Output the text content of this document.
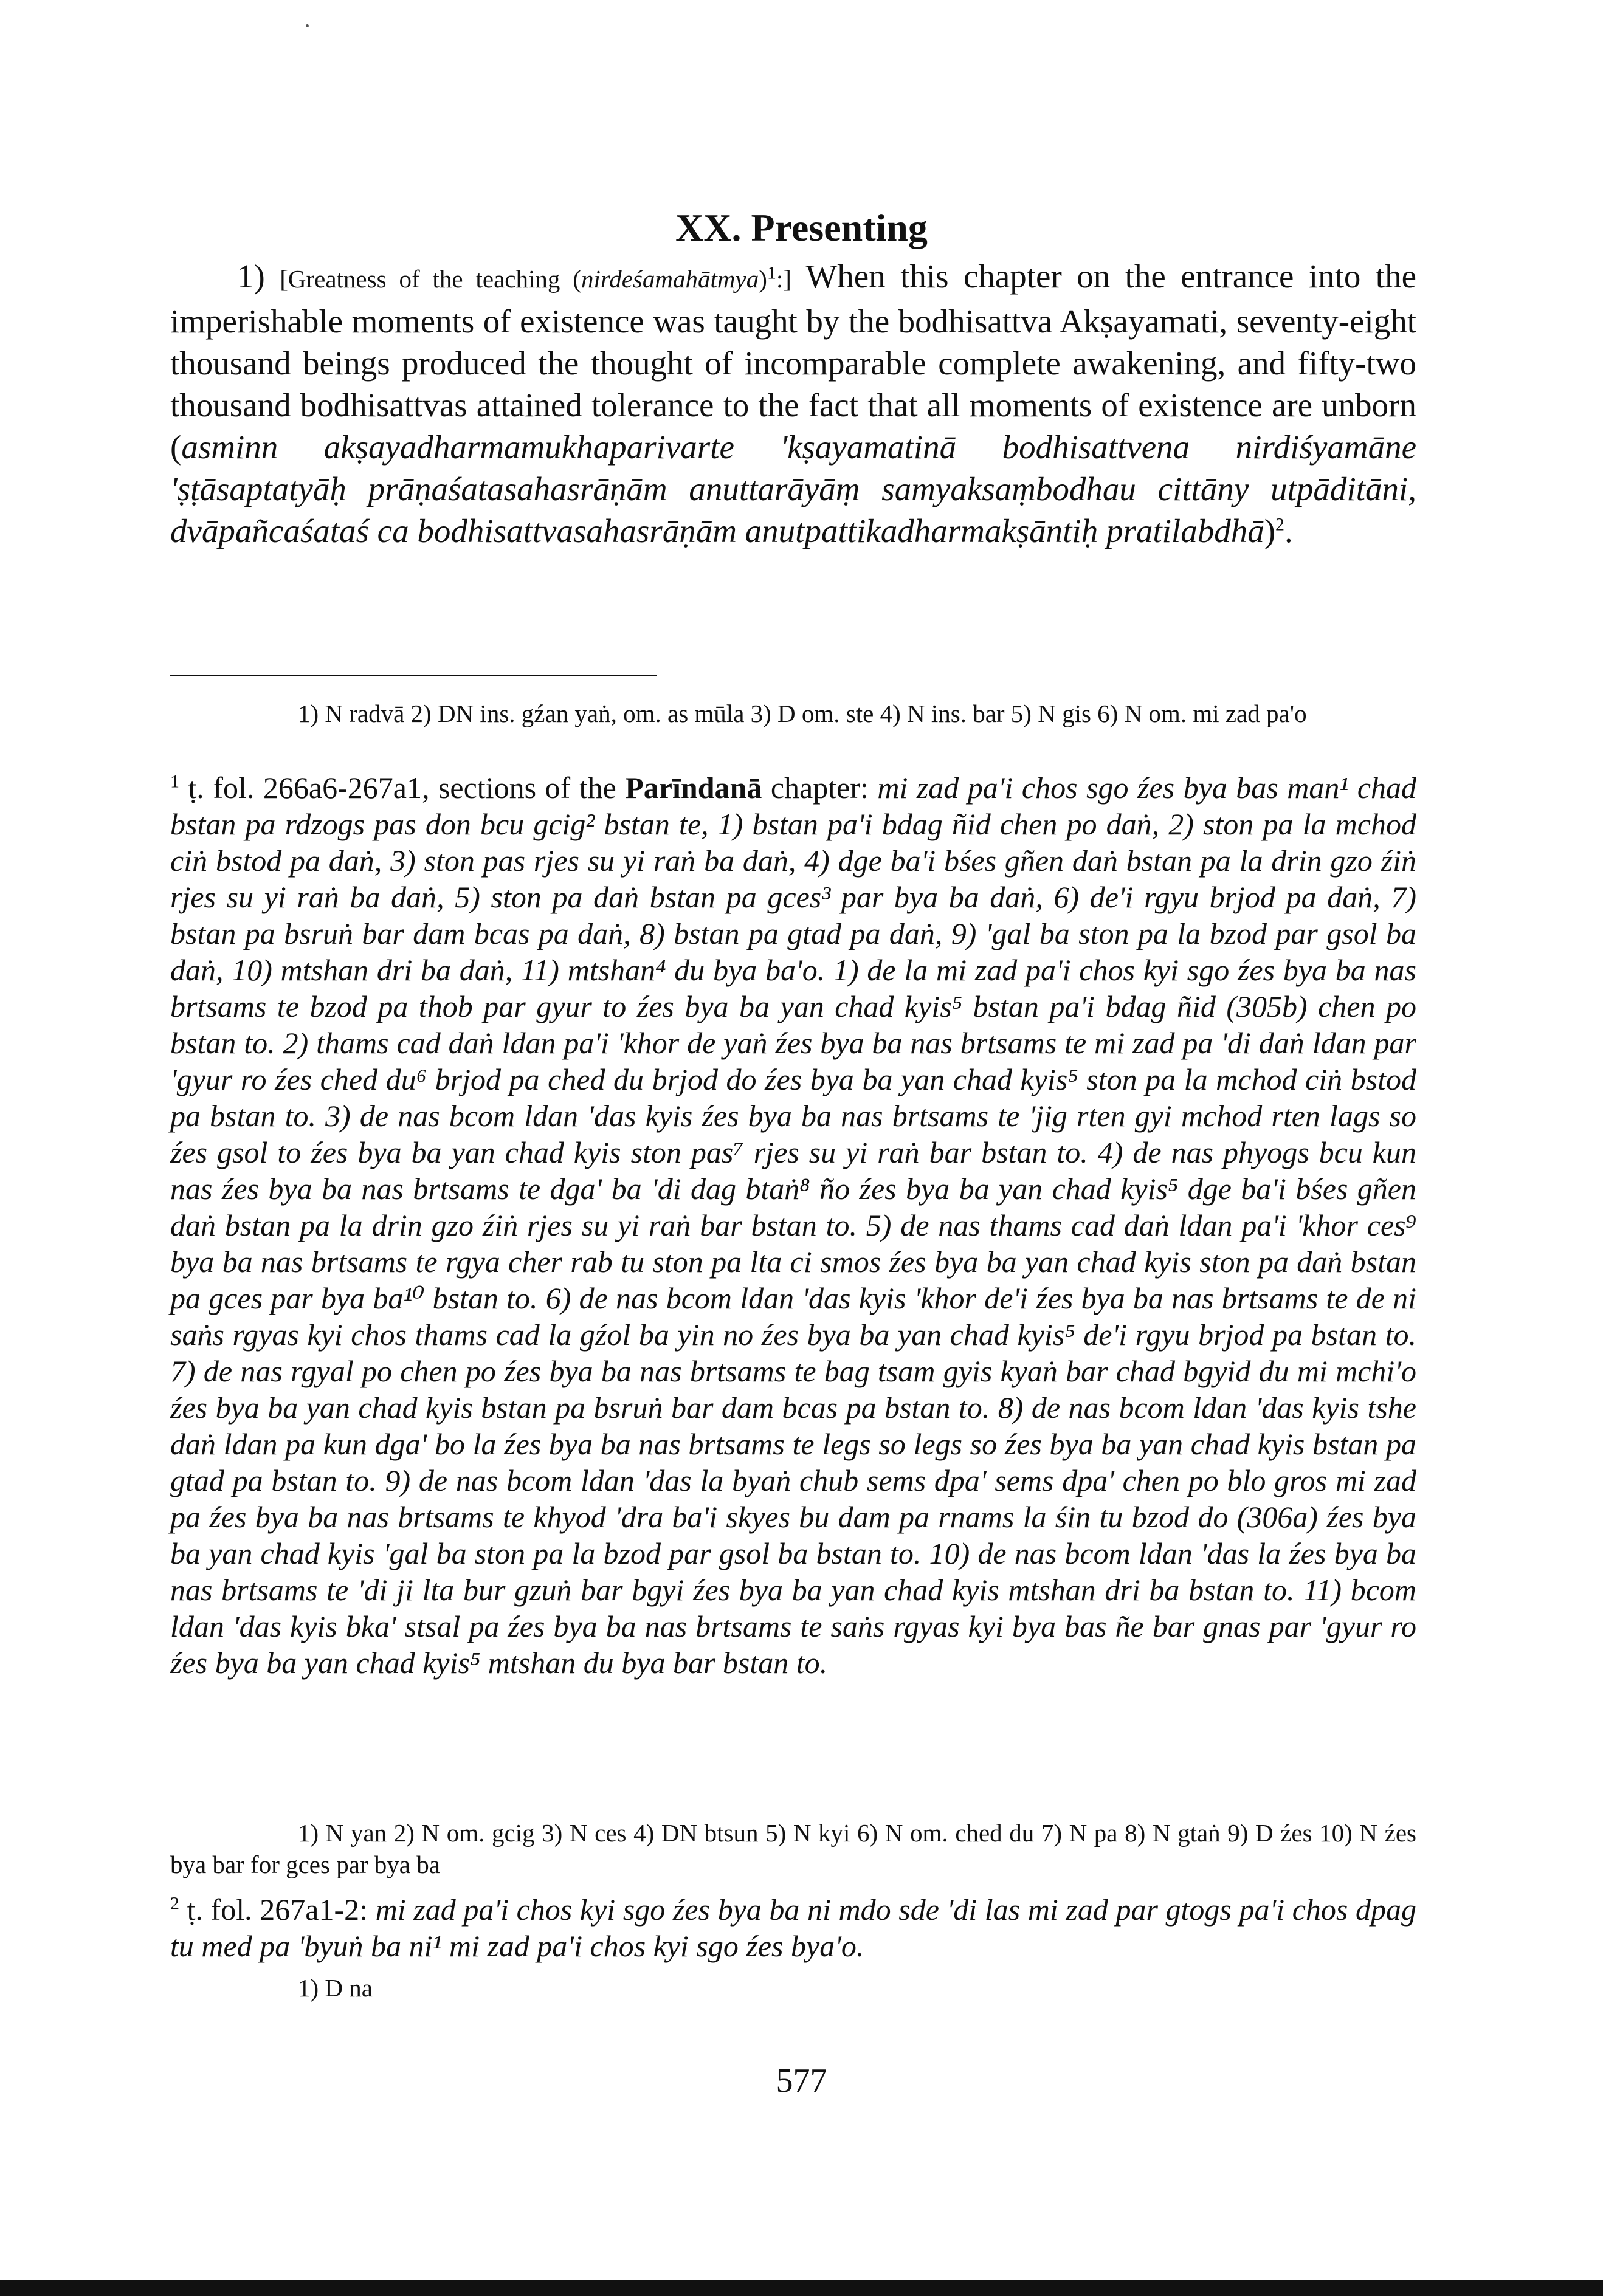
XX. Presenting
1) [Greatness of the teaching (nirdeśamahātmya)$^1$:] When this chapter on the entrance into the imperishable moments of existence was taught by the bodhisattva Akṣayamati, seventy-eight thousand beings produced the thought of incomparable complete awakening, and fifty-two thousand bodhisattvas attained tolerance to the fact that all moments of existence are unborn (asminn akṣayadharmamukhaparivarte 'kṣayamatinā bodhisattvena nirdiśyamāne 'ṣṭāsaptatyāḥ prāṇaśatasahasrāṇām anuttarāyāṃ samyaksaṃbodhau cittāny utpāditāni, dvāpañcaśataś ca bodhisattvasahasrāṇām anutpattikadharmakṣāntiḥ pratilabdhā)$^2$.
1) N radvā 2) DN ins. gźan yaṅ, om. as mūla 3) D om. ste 4) N ins. bar 5) N gis 6) N om. mi zad pa'o

$^1$ ṭ. fol. 266a6-267a1, sections of the Parīndanā chapter: mi zad pa'i chos sgo źes bya bas man¹ chad bstan pa rdzogs pas don bcu gcig² bstan te, 1) bstan pa'i bdag ñid chen po daṅ, 2) ston pa la mchod ciṅ bstod pa daṅ, 3) ston pas rjes su yi raṅ ba daṅ, 4) dge ba'i bśes gñen daṅ bstan pa la drin gzo źiṅ rjes su yi raṅ ba daṅ, 5) ston pa daṅ bstan pa gces³ par bya ba daṅ, 6) de'i rgyu brjod pa daṅ, 7) bstan pa bsruṅ bar dam bcas pa daṅ, 8) bstan pa gtad pa daṅ, 9) 'gal ba ston pa la bzod par gsol ba daṅ, 10) mtshan dri ba daṅ, 11) mtshan⁴ du bya ba'o. 1) de la mi zad pa'i chos kyi sgo źes bya ba nas brtsams te bzod pa thob par gyur to źes bya ba yan chad kyis⁵ bstan pa'i bdag ñid (305b) chen po bstan to. 2) thams cad daṅ ldan pa'i 'khor de yaṅ źes bya ba nas brtsams te mi zad pa 'di daṅ ldan par 'gyur ro źes ched du⁶ brjod pa ched du brjod do źes bya ba yan chad kyis⁵ ston pa la mchod ciṅ bstod pa bstan to. 3) de nas bcom ldan 'das kyis źes bya ba nas brtsams te 'jig rten gyi mchod rten lags so źes gsol to źes bya ba yan chad kyis ston pas⁷ rjes su yi raṅ bar bstan to. 4) de nas phyogs bcu kun nas źes bya ba nas brtsams te dga' ba 'di dag btaṅ⁸ ño źes bya ba yan chad kyis⁵ dge ba'i bśes gñen daṅ bstan pa la drin gzo źiṅ rjes su yi raṅ bar bstan to. 5) de nas thams cad daṅ ldan pa'i 'khor ces⁹ bya ba nas brtsams te rgya cher rab tu ston pa lta ci smos źes bya ba yan chad kyis ston pa daṅ bstan pa gces par bya ba¹⁰ bstan to. 6) de nas bcom ldan 'das kyis 'khor de'i źes bya ba nas brtsams te de ni saṅs rgyas kyi chos thams cad la gźol ba yin no źes bya ba yan chad kyis⁵ de'i rgyu brjod pa bstan to. 7) de nas rgyal po chen po źes bya ba nas brtsams te bag tsam gyis kyaṅ bar chad bgyid du mi mchi'o źes bya ba yan chad kyis bstan pa bsruṅ bar dam bcas pa bstan to. 8) de nas bcom ldan 'das kyis tshe daṅ ldan pa kun dga' bo la źes bya ba nas brtsams te legs so legs so źes bya ba yan chad kyis bstan pa gtad pa bstan to. 9) de nas bcom ldan 'das la byaṅ chub sems dpa' sems dpa' chen po blo gros mi zad pa źes bya ba nas brtsams te khyod 'dra ba'i skyes bu dam pa rnams la śin tu bzod do (306a) źes bya ba yan chad kyis 'gal ba ston pa la bzod par gsol ba bstan to. 10) de nas bcom ldan 'das la źes bya ba nas brtsams te 'di ji lta bur gzuṅ bar bgyi źes bya ba yan chad kyis mtshan dri ba bstan to. 11) bcom ldan 'das kyis bka' stsal pa źes bya ba nas brtsams te saṅs rgyas kyi bya bas ñe bar gnas par 'gyur ro źes bya ba yan chad kyis⁵ mtshan du bya bar bstan to.

1) N yan 2) N om. gcig 3) N ces 4) DN btsun 5) N kyi 6) N om. ched du 7) N pa 8) N gtaṅ 9) D źes 10) N źes bya bar for gces par bya ba

$^2$ ṭ. fol. 267a1-2: mi zad pa'i chos kyi sgo źes bya ba ni mdo sde 'di las mi zad par gtogs pa'i chos dpag tu med pa 'byuṅ ba ni¹ mi zad pa'i chos kyi sgo źes bya'o.

1) D na
577
